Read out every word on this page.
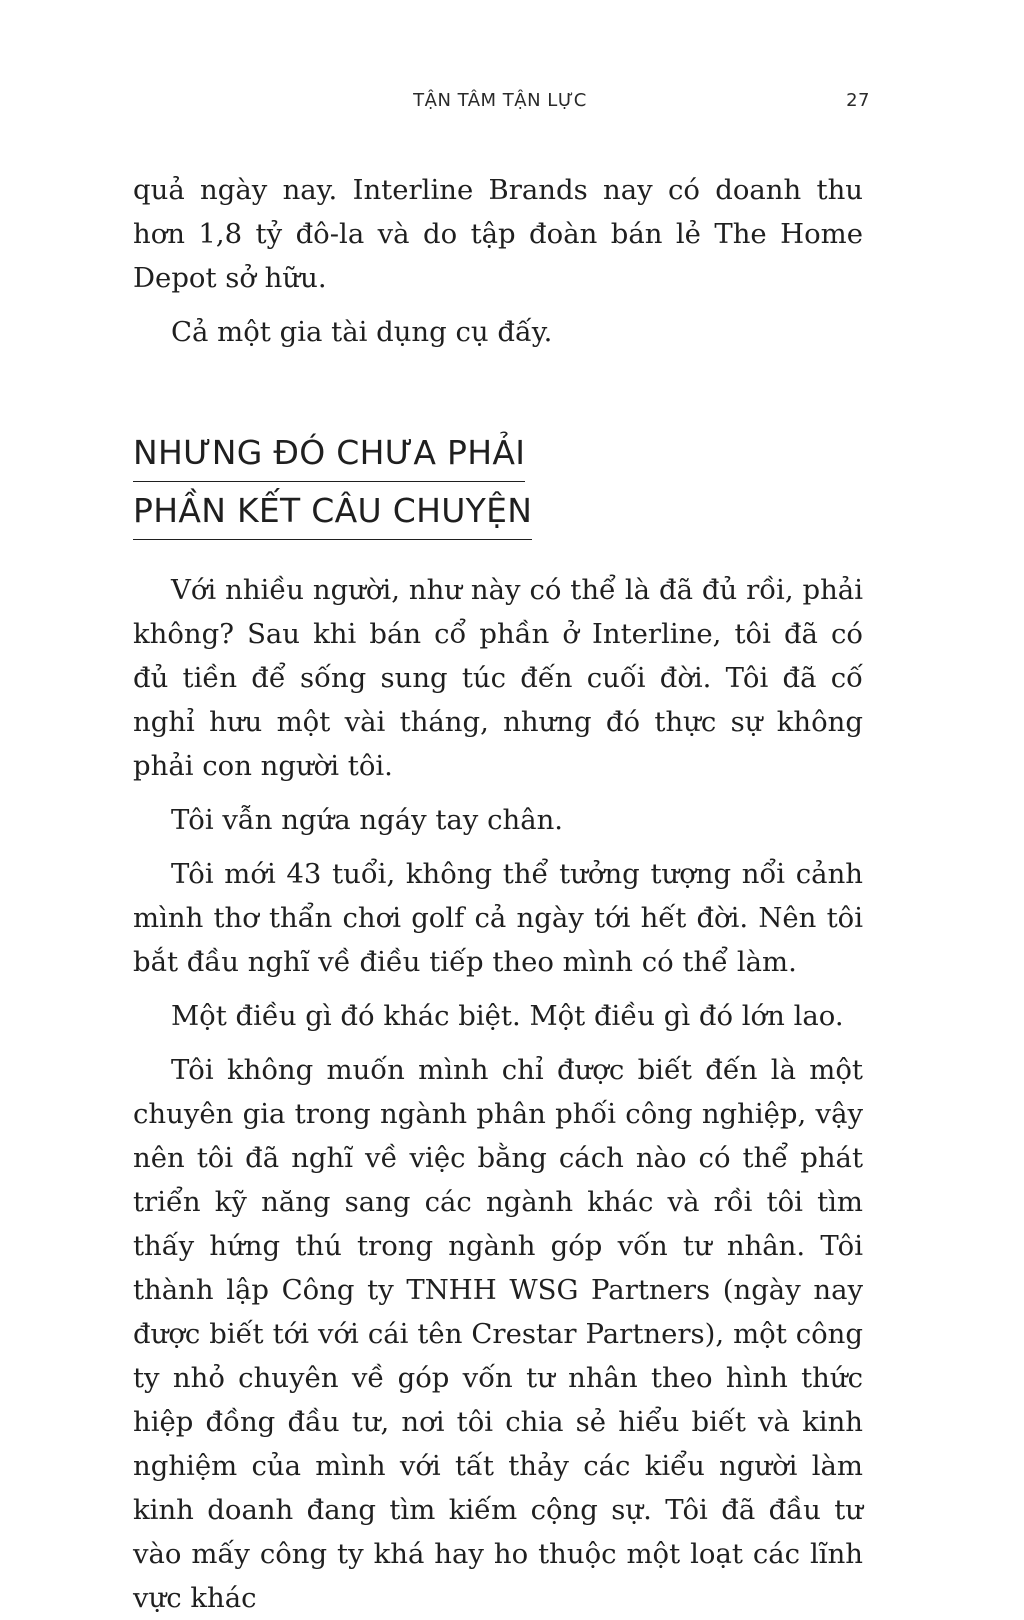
TẬN TÂM TẬN LỰC	27

quả ngày nay. Interline Brands nay có doanh thu hơn 1,8 tỷ đô-la và do tập đoàn bán lẻ The Home Depot sở hữu.

Cả một gia tài dụng cụ đấy.

NHƯNG ĐÓ CHƯA PHẢI
PHẦN KẾT CÂU CHUYỆN

Với nhiều người, như này có thể là đã đủ rồi, phải không? Sau khi bán cổ phần ở Interline, tôi đã có đủ tiền để sống sung túc đến cuối đời. Tôi đã cố nghỉ hưu một vài tháng, nhưng đó thực sự không phải con người tôi.

Tôi vẫn ngứa ngáy tay chân.

Tôi mới 43 tuổi, không thể tưởng tượng nổi cảnh mình thơ thẩn chơi golf cả ngày tới hết đời. Nên tôi bắt đầu nghĩ về điều tiếp theo mình có thể làm.

Một điều gì đó khác biệt. Một điều gì đó lớn lao.

Tôi không muốn mình chỉ được biết đến là một chuyên gia trong ngành phân phối công nghiệp, vậy nên tôi đã nghĩ về việc bằng cách nào có thể phát triển kỹ năng sang các ngành khác và rồi tôi tìm thấy hứng thú trong ngành góp vốn tư nhân. Tôi thành lập Công ty TNHH WSG Partners (ngày nay được biết tới với cái tên Crestar Partners), một công ty nhỏ chuyên về góp vốn tư nhân theo hình thức hiệp đồng đầu tư, nơi tôi chia sẻ hiểu biết và kinh nghiệm của mình với tất thảy các kiểu người làm kinh doanh đang tìm kiếm cộng sự. Tôi đã đầu tư vào mấy công ty khá hay ho thuộc một loạt các lĩnh vực khác
